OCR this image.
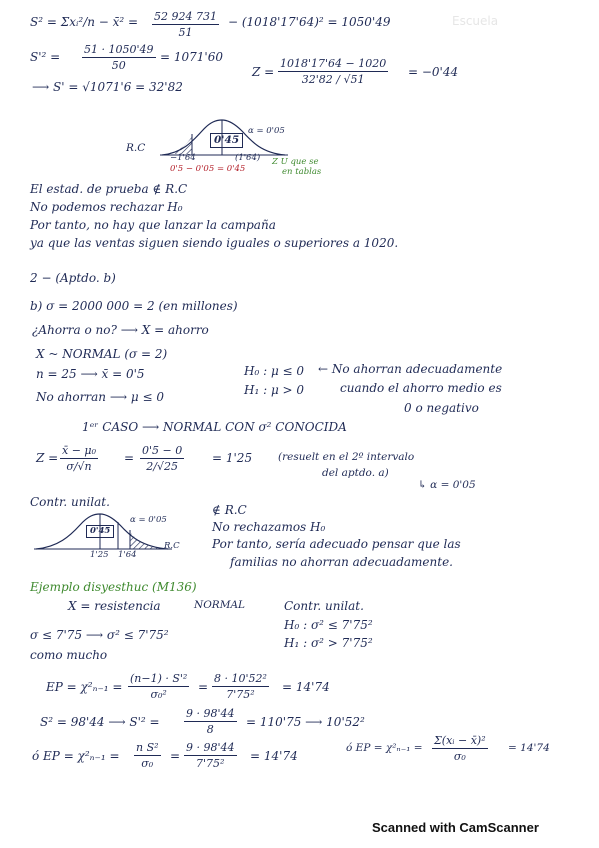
Escuela
S² = Σxᵢ²/n − x̄² = $\frac{52 924 731}{51} - (1018'17'64)^2 = 1050'49$
$S'^2 = \frac{51 \cdot 1050'49}{50} = 1071'60$
⟶ S' = √1071'6 = 32'82
$Z = \frac{1018'17'64 - 1020}{32'82 / √51} = -0'44$
R.C
0'45
α = 0'05
−1'64	(1'64)
0'5 − 0'05 = 0'45
Z U que se
en tablas
El estad. de prueba ∉ R.C
No podemos rechazar H₀
Por tanto, no hay que lanzar la campaña
ya que las ventas siguen siendo iguales o superiores a 1020.
2 − (Aptdo. b)
b) σ = 2000 000 = 2 (en millones)
¿Ahorra o no? ⟶ X = ahorro
X ~ NORMAL (σ = 2)
n = 25 ⟶ x̄ = 0'5
No ahorran ⟶ μ ≤ 0
H₀ : μ ≤ 0
H₁ : μ > 0
← No ahorran adecuadamente
cuando el ahorro medio es
0 o negativo
1ᵉʳ CASO ⟶ NORMAL CON σ² CONOCIDA
$Z = \frac{\text{x̄ − μ₀}}{\sigma/√n} = \frac{0'5 - 0}{2/√25} = 1'25$ (resuelt en el 2º intervalo
del aptdo. a)
↳ α = 0'05
Contr. unilat.
0'45
α = 0'05
1'25 1'64
R.C
∉ R.C
No rechazamos H₀
Por tanto, sería adecuado pensar que las
familias no ahorran adecuadamente.
Ejemplo disyesthuc (M136)
X = resistencia	NORMAL	Contr. unilat.
σ ≤ 7'75 ⟶ σ² ≤ 7'75²
como mucho
H₀ : σ² ≤ 7'75²
H₁ : σ² > 7'75²
EP = $\chi^2_{n-1} = \frac{\text{(n−1) · S'²}}{\text{σ₀²}} = \frac{\text{8 · 10'52²}}{\text{7'75²}} = 14'74$
S² = 98'44 ⟶ $S'^2 = \frac{9 \cdot 98'44}{8} = 110'75$ ⟶ 10'52²
ó EP = $\chi^2_{n-1} = \frac{\text{n S²}}{\text{σ₀}} = \frac{9 \cdot 98'44}{\text{7'75²}} = 14'74$
ó EP = $\chi^2_{n-1} = \frac{\text{Σ(xᵢ − x̄)²}}{\text{σ₀}} = 14'74$
Scanned with CamScanner
